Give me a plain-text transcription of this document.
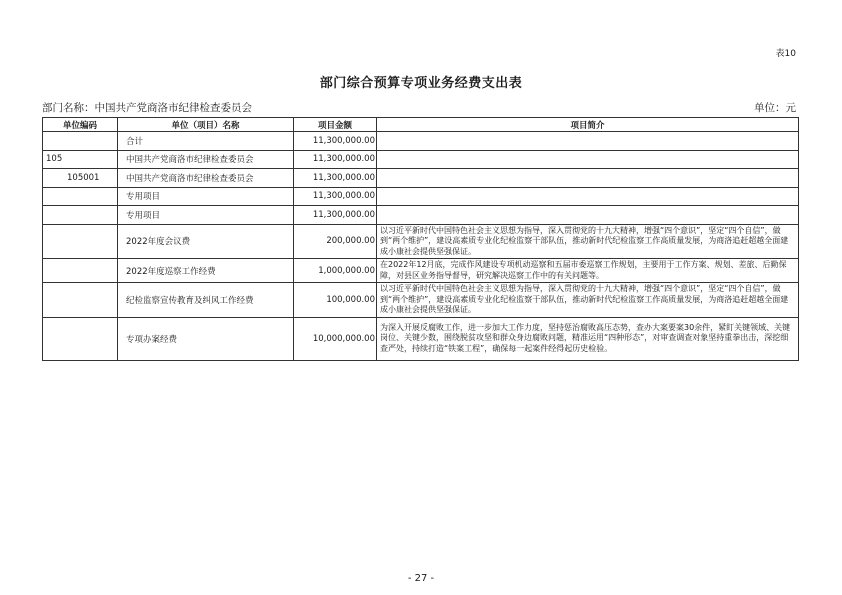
表10
部门综合预算专项业务经费支出表
部门名称：中国共产党商洛市纪律检查委员会	单位：元
单位编码	单位（项目）名称	项目金额	项目简介
	合计	11,300,000.00	
105	中国共产党商洛市纪律检查委员会	11,300,000.00	
105001	中国共产党商洛市纪律检查委员会	11,300,000.00	
	专用项目	11,300,000.00	
	专用项目	11,300,000.00	
	2022年度会议费	200,000.00	以习近平新时代中国特色社会主义思想为指导，深入贯彻党的十九大精神，增强“四个意识”，坚定“四个自信”，做到“两个维护”，建设高素质专业化纪检监察干部队伍，推动新时代纪检监察工作高质量发展，为商洛追赶超越全面建成小康社会提供坚强保证。
	2022年度巡察工作经费	1,000,000.00	在2022年12月底，完成作风建设专项机动巡察和五届市委巡察工作规划，主要用于工作方案、规划、差旅、后勤保障，对县区业务指导督导，研究解决巡察工作中的有关问题等。
	纪检监察宣传教育及纠风工作经费	100,000.00	以习近平新时代中国特色社会主义思想为指导，深入贯彻党的十九大精神，增强“四个意识”，坚定“四个自信”，做到“两个维护”，建设高素质专业化纪检监察干部队伍，推动新时代纪检监察工作高质量发展，为商洛追赶超越全面建成小康社会提供坚强保证。
	专项办案经费	10,000,000.00	为深入开展反腐败工作，进一步加大工作力度，坚持惩治腐败高压态势，查办大案要案30余件，紧盯关键领域、关键岗位、关键少数，围绕脱贫攻坚和群众身边腐败问题，精准运用“四种形态”，对审查调查对象坚持重拳出击，深挖细查严处，持续打造“铁案工程”，确保每一起案件经得起历史检验。
- 27 -
